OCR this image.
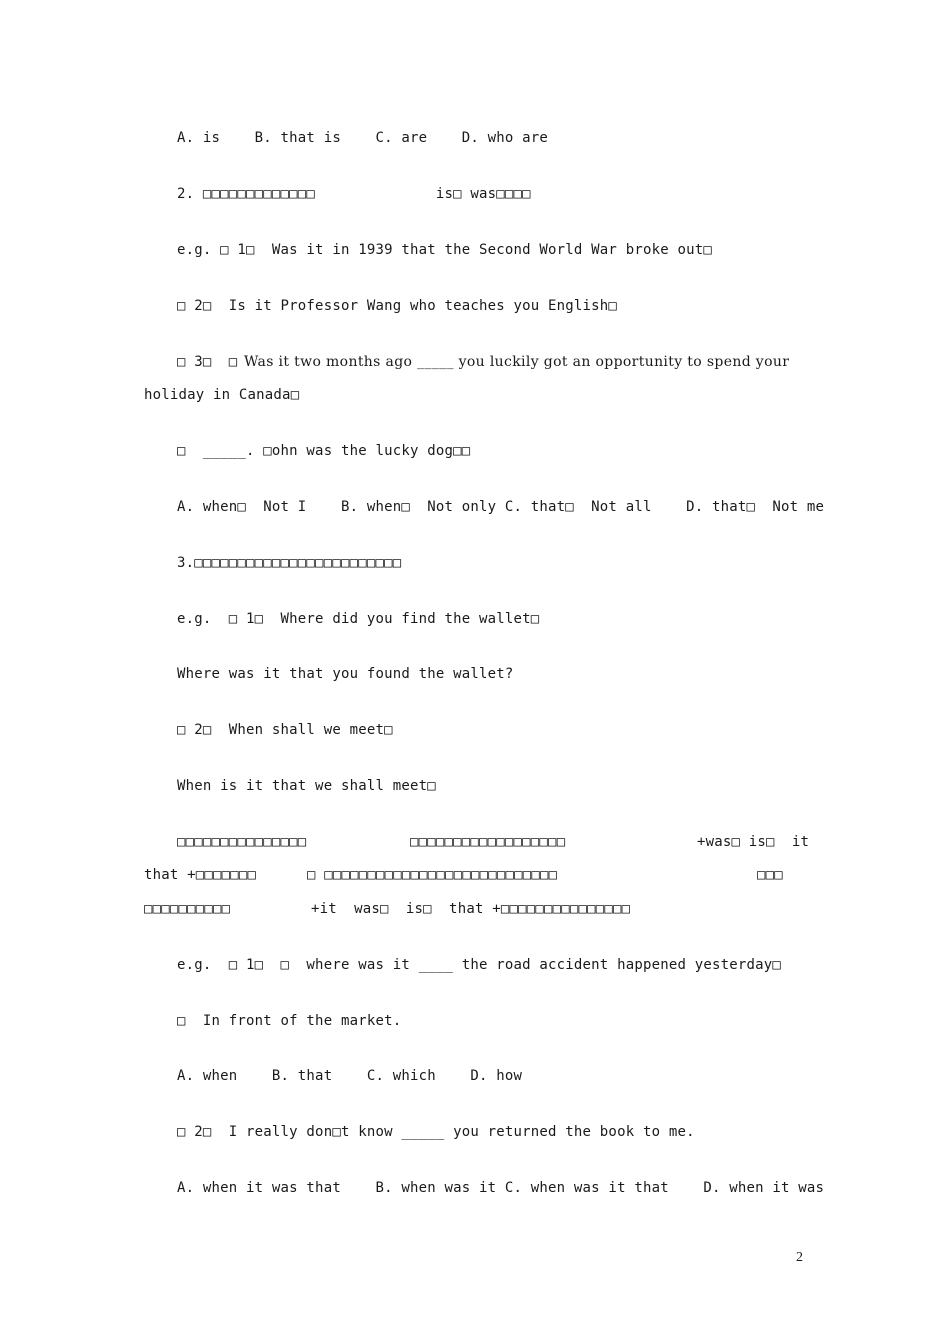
A. is    B. that is    C. are    D. who are
2. □□□□□□□□□□□□□              is□ was□□□□
e.g. □ 1□  Was it in 1939 that the Second World War broke out□
□ 2□  Is it Professor Wang who teaches you English□
□ 3□  □
Was it two months ago _____ you luckily got an opportunity to spend your
holiday in Canada□
□  _____. □ohn was the lucky dog□□
A. when□  Not I    B. when□  Not only C. that□  Not all    D. that□  Not me
3.□□□□□□□□□□□□□□□□□□□□□□□□
e.g.  □ 1□  Where did you find the wallet□
Where was it that you found the wallet?
□ 2□  When shall we meet□
When is it that we shall meet□
□□□□□□□□□□□□□□□	□□□□□□□□□□□□□□□□□□	+was□ is□  it
that +□□□□□□□	□ □□□□□□□□□□□□□□□□□□□□□□□□□□□	□□□
□□□□□□□□□□	+it  was□  is□  that +□□□□□□□□□□□□□□□
e.g.  □ 1□  □  where was it ____ the road accident happened yesterday□
□  In front of the market.
A. when    B. that    C. which    D. how
□ 2□  I really don□t know _____ you returned the book to me.
A. when it was that    B. when was it C. when was it that    D. when it was
2
